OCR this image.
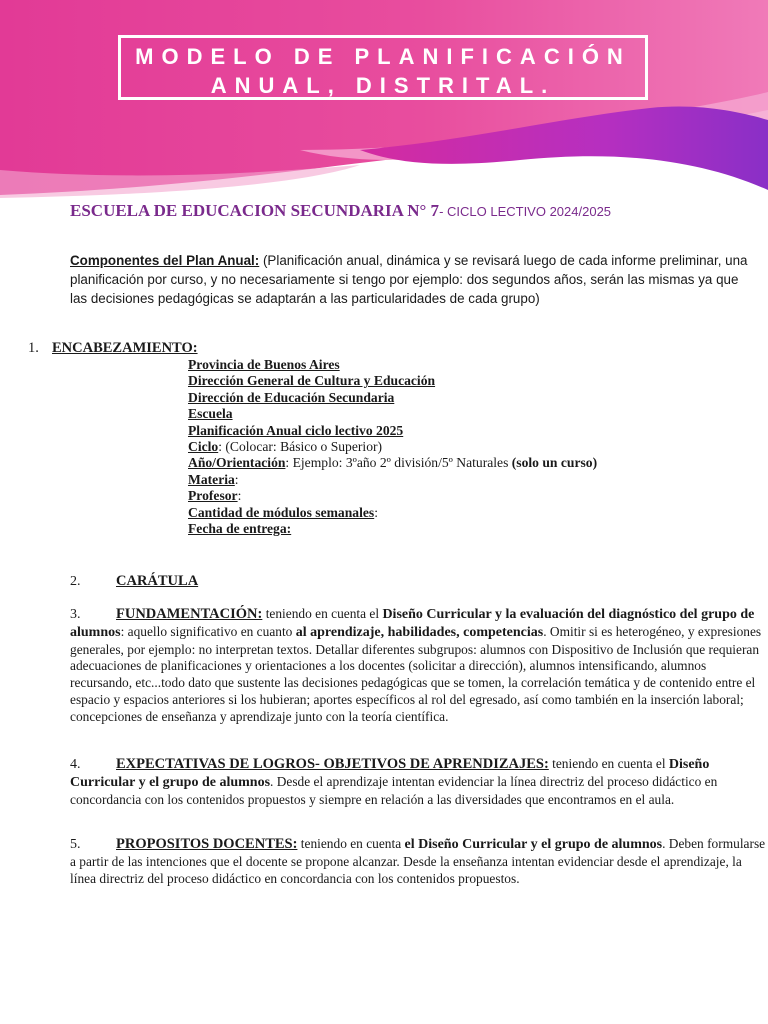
MODELO DE PLANIFICACIÓN
ANUAL, DISTRITAL.
ESCUELA DE EDUCACION SECUNDARIA N° 7- CICLO LECTIVO 2024/2025
Componentes del Plan Anual: (Planificación anual, dinámica y se revisará luego de cada informe preliminar, una planificación por curso, y no necesariamente si tengo por ejemplo: dos segundos años, serán las mismas ya que las decisiones pedagógicas se adaptarán a las particularidades de cada grupo)
1. ENCABEZAMIENTO:
Provincia de Buenos Aires
Dirección General de Cultura y Educación
Dirección de Educación Secundaria
Escuela
Planificación Anual ciclo lectivo 2025
Ciclo: (Colocar: Básico o Superior)
Año/Orientación: Ejemplo: 3ºaño 2º división/5º Naturales (solo un curso)
Materia:
Profesor:
Cantidad de módulos semanales:
Fecha de entrega:
2. CARÁTULA
3. FUNDAMENTACIÓN: teniendo en cuenta el Diseño Curricular y la evaluación del diagnóstico del grupo de alumnos: aquello significativo en cuanto al aprendizaje, habilidades, competencias. Omitir si es heterogéneo, y expresiones generales, por ejemplo: no interpretan textos. Detallar diferentes subgrupos: alumnos con Dispositivo de Inclusión que requieran adecuaciones de planificaciones y orientaciones a los docentes (solicitar a dirección), alumnos intensificando, alumnos recursando, etc...todo dato que sustente las decisiones pedagógicas que se tomen, la correlación temática y de contenido entre el espacio y espacios anteriores si los hubieran; aportes específicos al rol del egresado, así como también en la inserción laboral; concepciones de enseñanza y aprendizaje junto con la teoría científica.
4. EXPECTATIVAS DE LOGROS- OBJETIVOS DE APRENDIZAJES: teniendo en cuenta el Diseño Curricular y el grupo de alumnos. Desde el aprendizaje intentan evidenciar la línea directriz del proceso didáctico en concordancia con los contenidos propuestos y siempre en relación a las diversidades que encontramos en el aula.
5. PROPOSITOS DOCENTES: teniendo en cuenta el Diseño Curricular y el grupo de alumnos. Deben formularse a partir de las intenciones que el docente se propone alcanzar. Desde la enseñanza intentan evidenciar desde el aprendizaje, la línea directriz del proceso didáctico en concordancia con los contenidos propuestos.
